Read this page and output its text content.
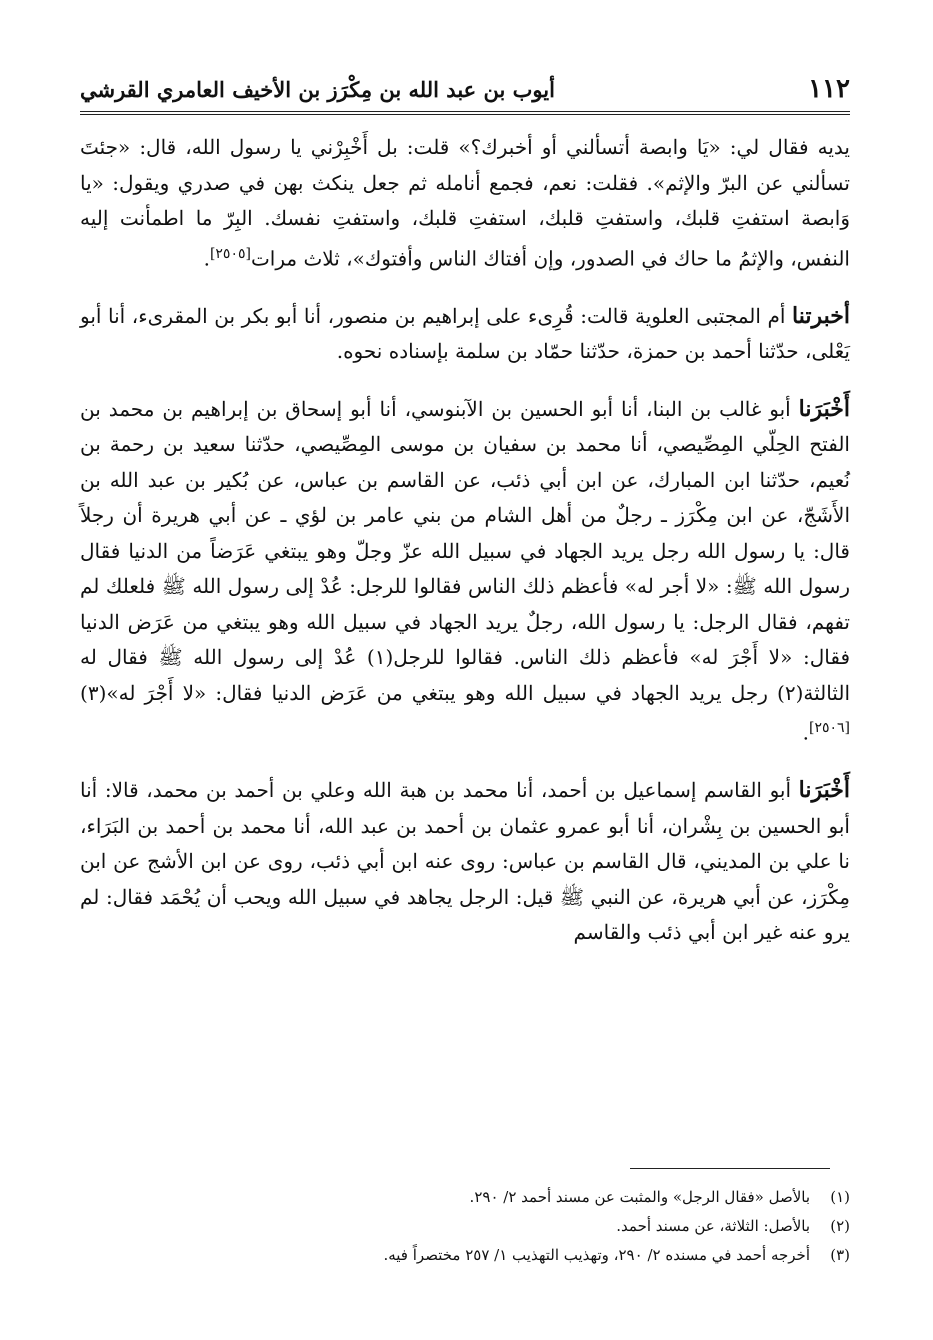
١١٢
أيوب بن عبد الله بن مِكْرَز بن الأخيف العامري القرشي

يديه فقال لي: «يَا وابصة أتسألني أو أخبرك؟» قلت: بل أَخْبِرْني يا رسول الله، قال: «جئتَ تسألني عن البرّ والإثم». فقلت: نعم، فجمع أنامله ثم جعل ينكث بهن في صدري ويقول: «يا وَابصة استفتِ قلبك، واستفتِ قلبك، استفتِ قلبك، واستفتِ نفسك. البِرّ ما اطمأنت إليه النفس، والإثمُ ما حاك في الصدور، وإن أفتاك الناس وأفتوك»، ثلاث مرات[٢٥٠٥].

أخبرتنا أم المجتبى العلوية قالت: قُرِىء على إبراهيم بن منصور، أنا أبو بكر بن المقرىء، أنا أبو يَعْلى، حدّثنا أحمد بن حمزة، حدّثنا حمّاد بن سلمة بإسناده نحوه.

أَخْبَرَنا أبو غالب بن البنا، أنا أبو الحسين بن الآبنوسي، أنا أبو إسحاق بن إبراهيم بن محمد بن الفتح الحِلّي المِصِّيصي، أنا محمد بن سفيان بن موسى المِصِّيصي، حدّثنا سعيد بن رحمة بن نُعيم، حدّثنا ابن المبارك، عن ابن أبي ذئب، عن القاسم بن عباس، عن بُكير بن عبد الله بن الأَشَجّ، عن ابن مِكْرَز ـ رجلٌ من أهل الشام من بني عامر بن لؤي ـ عن أبي هريرة أن رجلاً قال: يا رسول الله رجل يريد الجهاد في سبيل الله عزّ وجلّ وهو يبتغي عَرَضاً من الدنيا فقال رسول الله ﷺ: «لا أجر له» فأعظم ذلك الناس فقالوا للرجل: عُدْ إلى رسول الله ﷺ فلعلك لم تفهم، فقال الرجل: يا رسول الله، رجلٌ يريد الجهاد في سبيل الله وهو يبتغي من عَرَض الدنيا فقال: «لا أَجْرَ له» فأعظم ذلك الناس. فقالوا للرجل(١) عُدْ إلى رسول الله ﷺ فقال له الثالثة(٢) رجل يريد الجهاد في سبيل الله وهو يبتغي من عَرَض الدنيا فقال: «لا أَجْرَ له»(٣)[٢٥٠٦].

أَخْبَرَنا أبو القاسم إسماعيل بن أحمد، أنا محمد بن هبة الله وعلي بن أحمد بن محمد، قالا: أنا أبو الحسين بن بِشْران، أنا أبو عمرو عثمان بن أحمد بن عبد الله، أنا محمد بن أحمد بن البَرَاء، نا علي بن المديني، قال القاسم بن عباس: روى عنه ابن أبي ذئب، روى عن ابن الأشج عن ابن مِكْرَز، عن أبي هريرة، عن النبي ﷺ قيل: الرجل يجاهد في سبيل الله ويحب أن يُحْمَد فقال: لم يرو عنه غير ابن أبي ذئب والقاسم

(١)
بالأصل «فقال الرجل» والمثبت عن مسند أحمد ٢/ ٢٩٠.
(٢)
بالأصل: الثلاثة، عن مسند أحمد.
(٣)
أخرجه أحمد في مسنده ٢/ ٢٩٠، وتهذيب التهذيب ١/ ٢٥٧ مختصراً فيه.
